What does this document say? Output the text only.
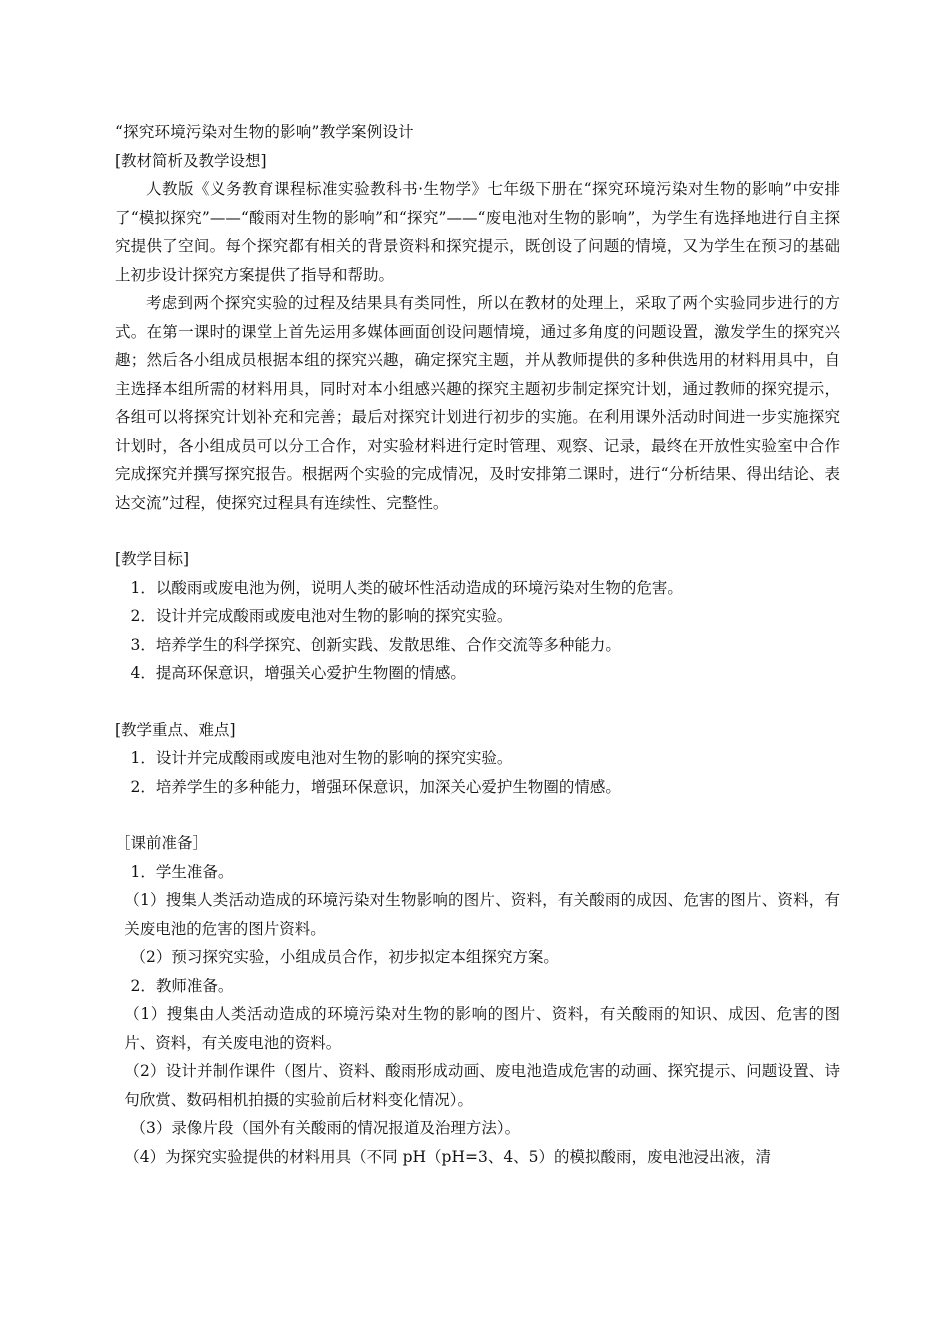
“探究环境污染对生物的影响”教学案例设计
[教材简析及教学设想]
人教版《义务教育课程标准实验教科书·生物学》七年级下册在“探究环境污染对生物的影响”中安排了“模拟探究”——“酸雨对生物的影响”和“探究”——“废电池对生物的影响”，为学生有选择地进行自主探究提供了空间。每个探究都有相关的背景资料和探究提示，既创设了问题的情境，又为学生在预习的基础上初步设计探究方案提供了指导和帮助。
考虑到两个探究实验的过程及结果具有类同性，所以在教材的处理上，采取了两个实验同步进行的方式。在第一课时的课堂上首先运用多媒体画面创设问题情境，通过多角度的问题设置，激发学生的探究兴趣；然后各小组成员根据本组的探究兴趣，确定探究主题，并从教师提供的多种供选用的材料用具中，自主选择本组所需的材料用具，同时对本小组感兴趣的探究主题初步制定探究计划，通过教师的探究提示，各组可以将探究计划补充和完善；最后对探究计划进行初步的实施。在利用课外活动时间进一步实施探究计划时，各小组成员可以分工合作，对实验材料进行定时管理、观察、记录，最终在开放性实验室中合作完成探究并撰写探究报告。根据两个实验的完成情况，及时安排第二课时，进行“分析结果、得出结论、表达交流”过程，使探究过程具有连续性、完整性。
[教学目标]
1．以酸雨或废电池为例，说明人类的破坏性活动造成的环境污染对生物的危害。
2．设计并完成酸雨或废电池对生物的影响的探究实验。
3．培养学生的科学探究、创新实践、发散思维、合作交流等多种能力。
4．提高环保意识，增强关心爱护生物圈的情感。
[教学重点、难点]
1．设计并完成酸雨或废电池对生物的影响的探究实验。
2．培养学生的多种能力，增强环保意识，加深关心爱护生物圈的情感。
［课前准备］
1．学生准备。
（1）搜集人类活动造成的环境污染对生物影响的图片、资料，有关酸雨的成因、危害的图片、资料，有关废电池的危害的图片资料。
（2）预习探究实验，小组成员合作，初步拟定本组探究方案。
2．教师准备。
（1）搜集由人类活动造成的环境污染对生物的影响的图片、资料，有关酸雨的知识、成因、危害的图片、资料，有关废电池的资料。
（2）设计并制作课件（图片、资料、酸雨形成动画、废电池造成危害的动画、探究提示、问题设置、诗句欣赏、数码相机拍摄的实验前后材料变化情况）。
（3）录像片段（国外有关酸雨的情况报道及治理方法）。
（4）为探究实验提供的材料用具（不同 pH（pH=3、4、5）的模拟酸雨，废电池浸出液，清
